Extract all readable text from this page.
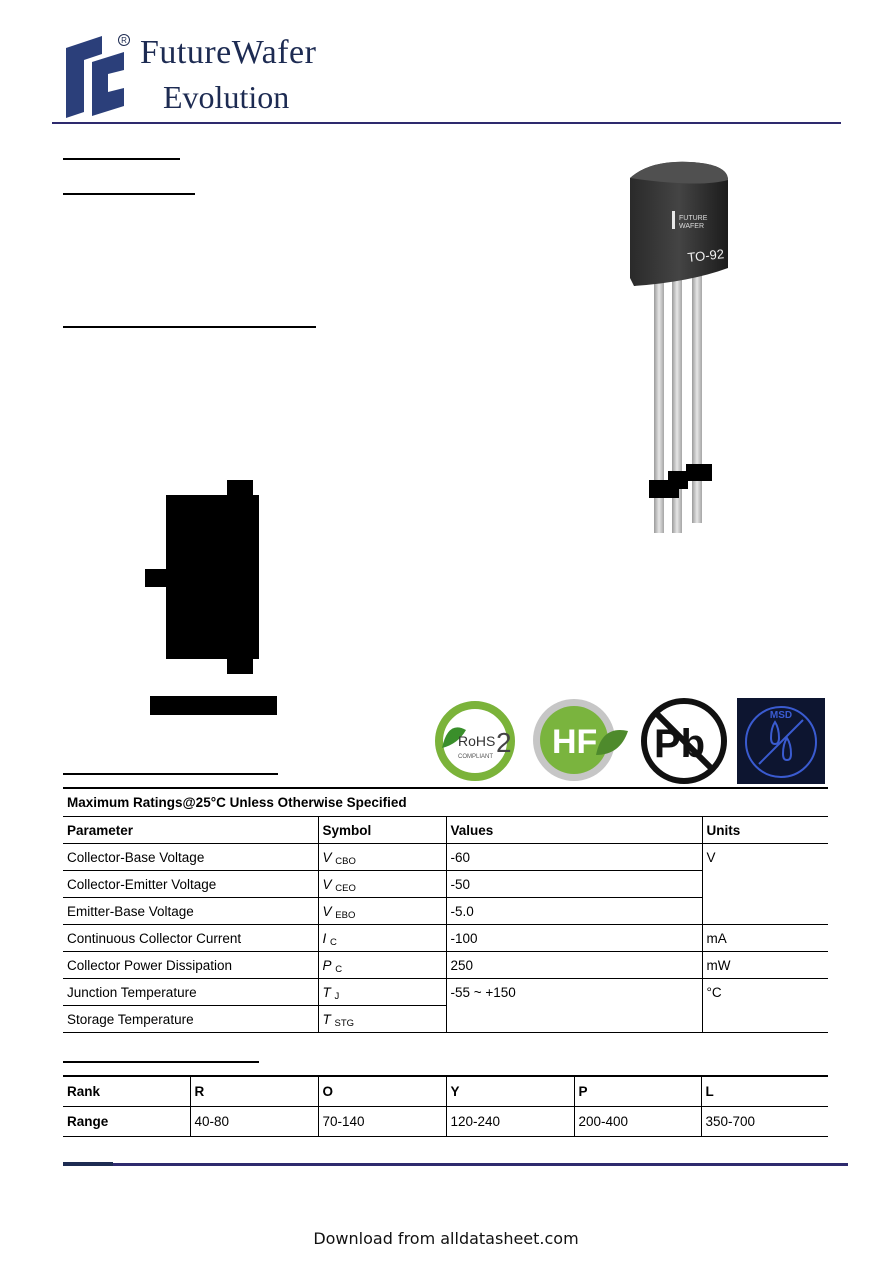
R FutureWafer
Evolution
FUTURE
WAFER
TO-92
RoHS 2
COMPLIANT HF Pb
MSD
Maximum Ratings@25°C Unless Otherwise Specified			
Parameter	Symbol	Values	Units
Collector-Base Voltage	V CBO	-60	V
Collector-Emitter Voltage	V CEO	-50	
Emitter-Base Voltage	V EBO	-5.0	
Continuous Collector Current	I C	-100	mA
Collector Power Dissipation	P C	250	mW
Junction Temperature	T J	-55 ~ +150	°C
Storage Temperature	T STG		
Rank	R	O	Y	P	L
Range	40-80	70-140	120-240	200-400	350-700
Download from alldatasheet.com
